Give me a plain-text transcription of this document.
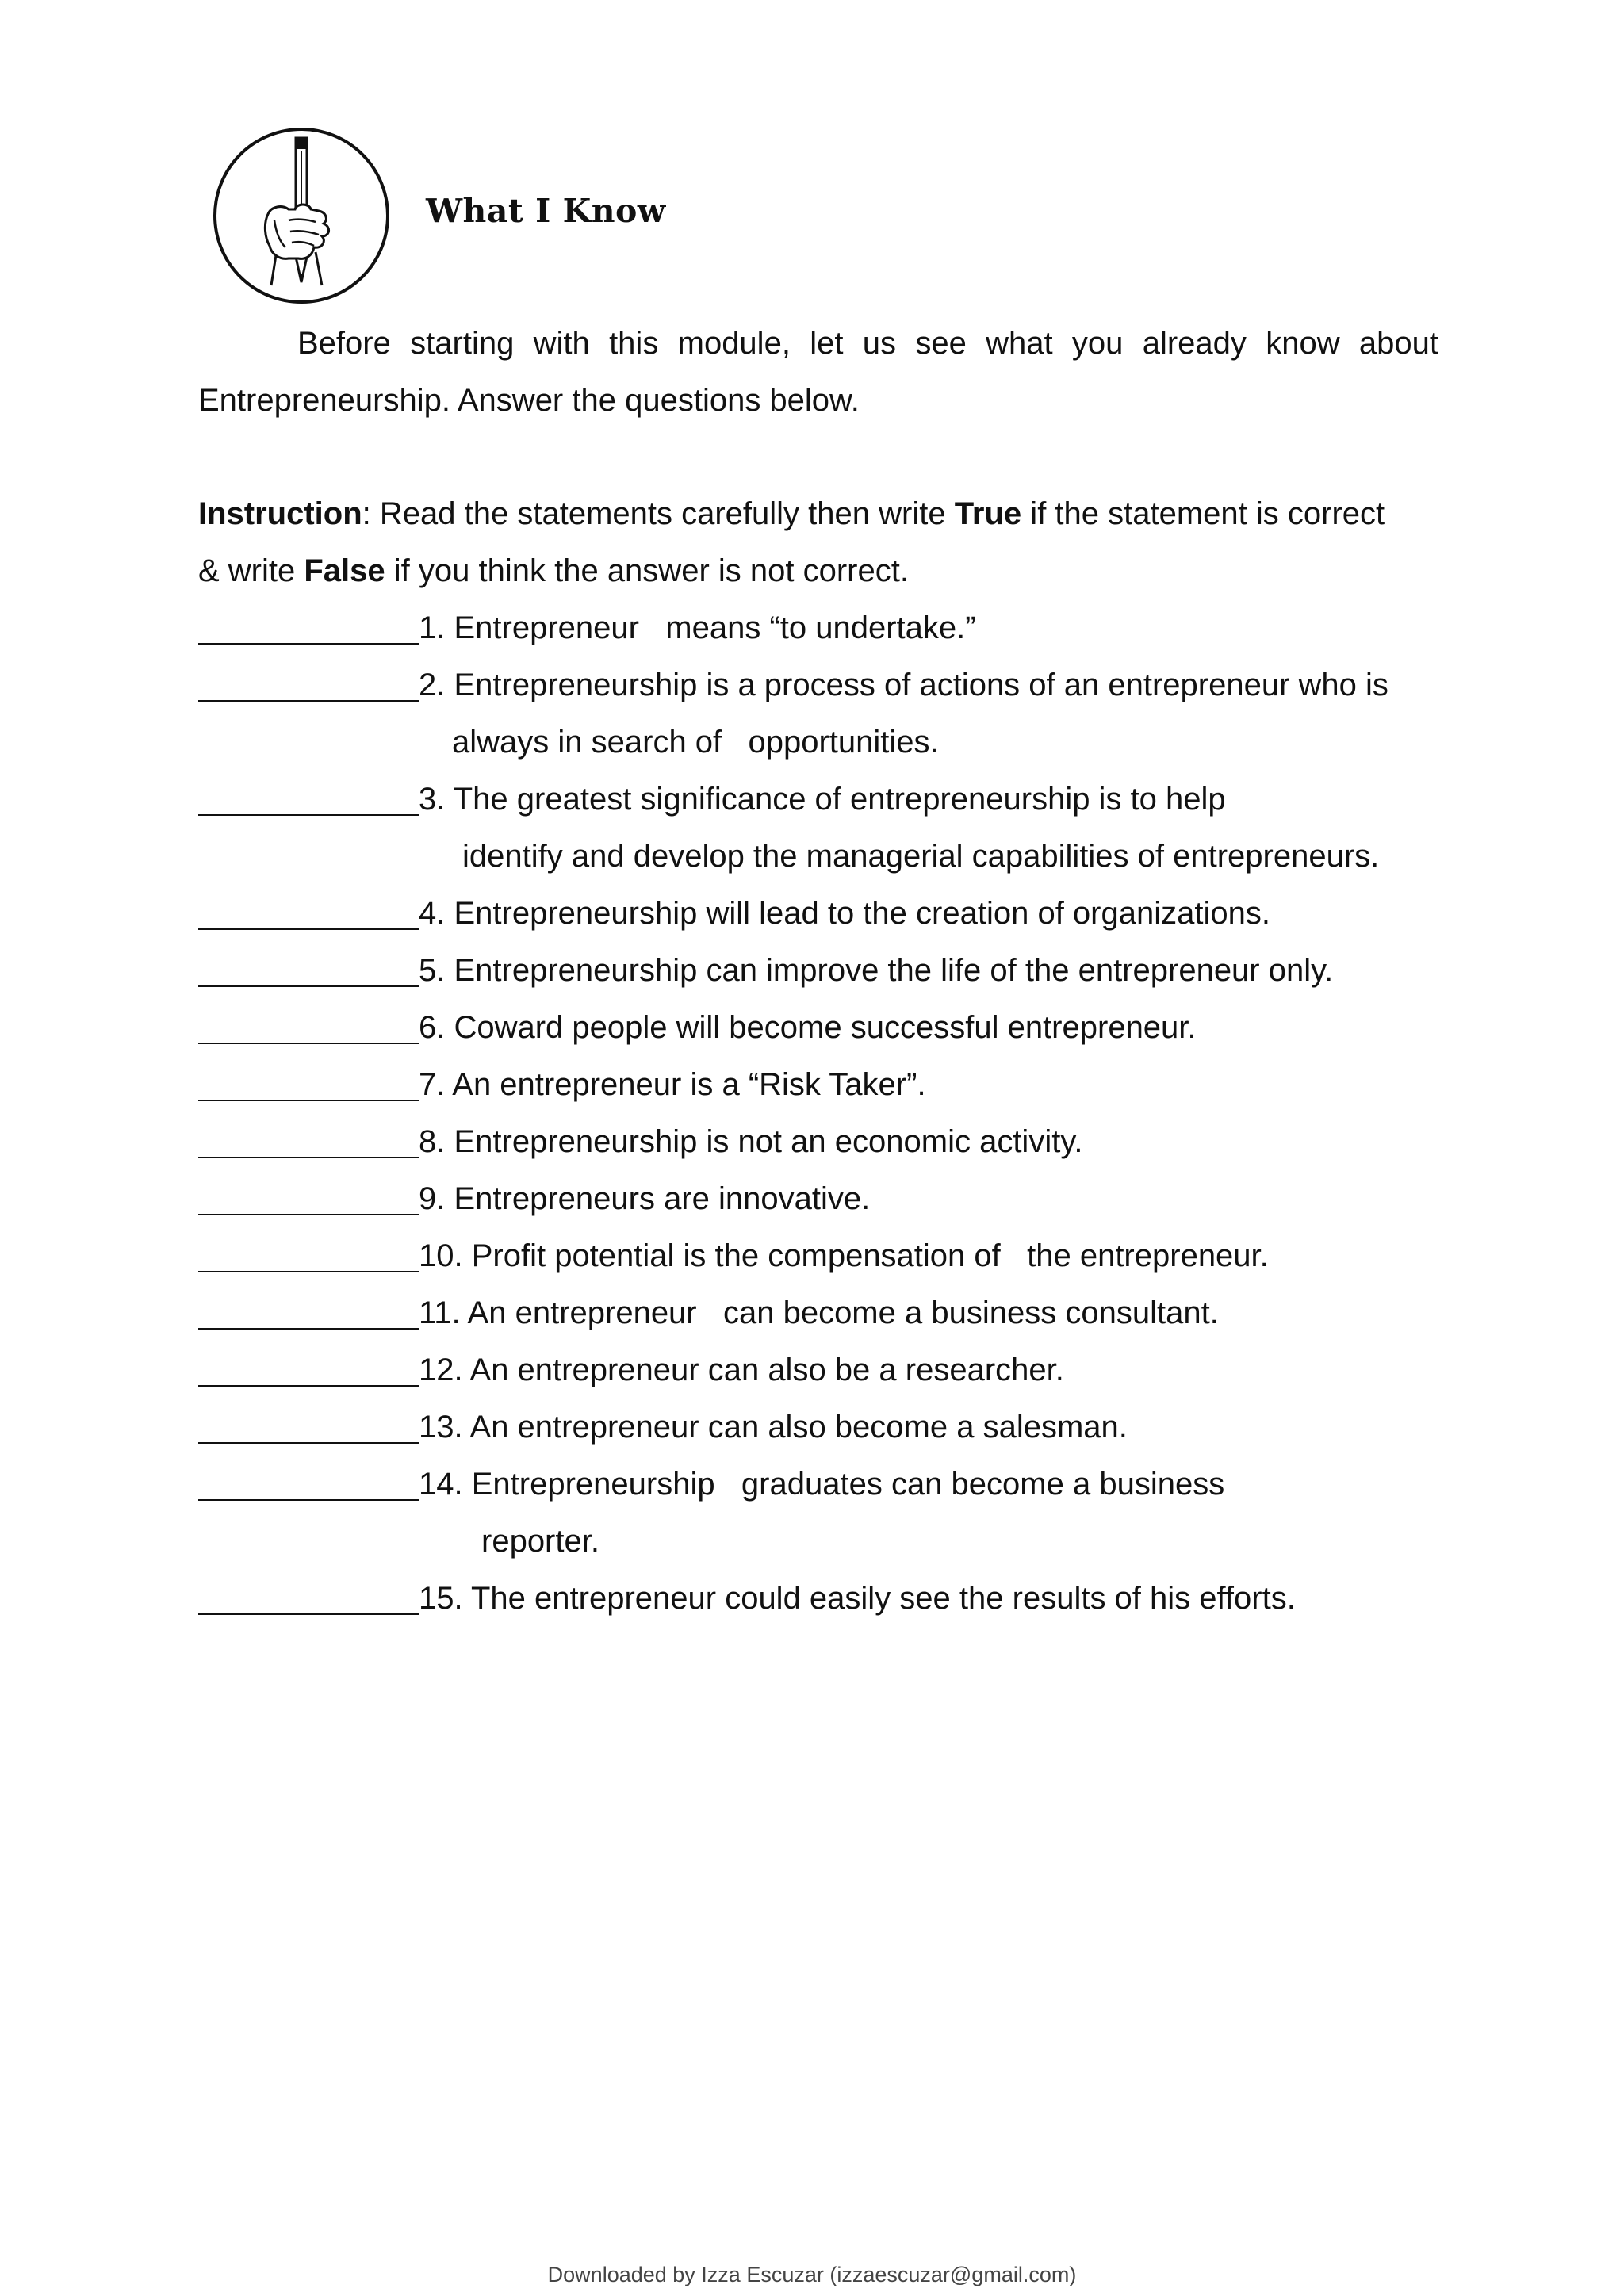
What I Know
Before starting with this module, let us see what you already know about
Entrepreneurship. Answer the questions below.
Instruction: Read the statements carefully then write True if the statement is correct
& write False if you think the answer is not correct.
1. Entrepreneur   means “to undertake.”
2. Entrepreneurship is a process of actions of an entrepreneur who is
always in search of   opportunities.
3. The greatest significance of entrepreneurship is to help
identify and develop the managerial capabilities of entrepreneurs.
4. Entrepreneurship will lead to the creation of organizations.
5. Entrepreneurship can improve the life of the entrepreneur only.
6. Coward people will become successful entrepreneur.
7. An entrepreneur is a “Risk Taker”.
8. Entrepreneurship is not an economic activity.
9. Entrepreneurs are innovative.
10. Profit potential is the compensation of   the entrepreneur.
11. An entrepreneur   can become a business consultant.
12. An entrepreneur can also be a researcher.
13. An entrepreneur can also become a salesman.
14. Entrepreneurship   graduates can become a business
reporter.
15. The entrepreneur could easily see the results of his efforts.
Downloaded by Izza Escuzar (izzaescuzar@gmail.com)
